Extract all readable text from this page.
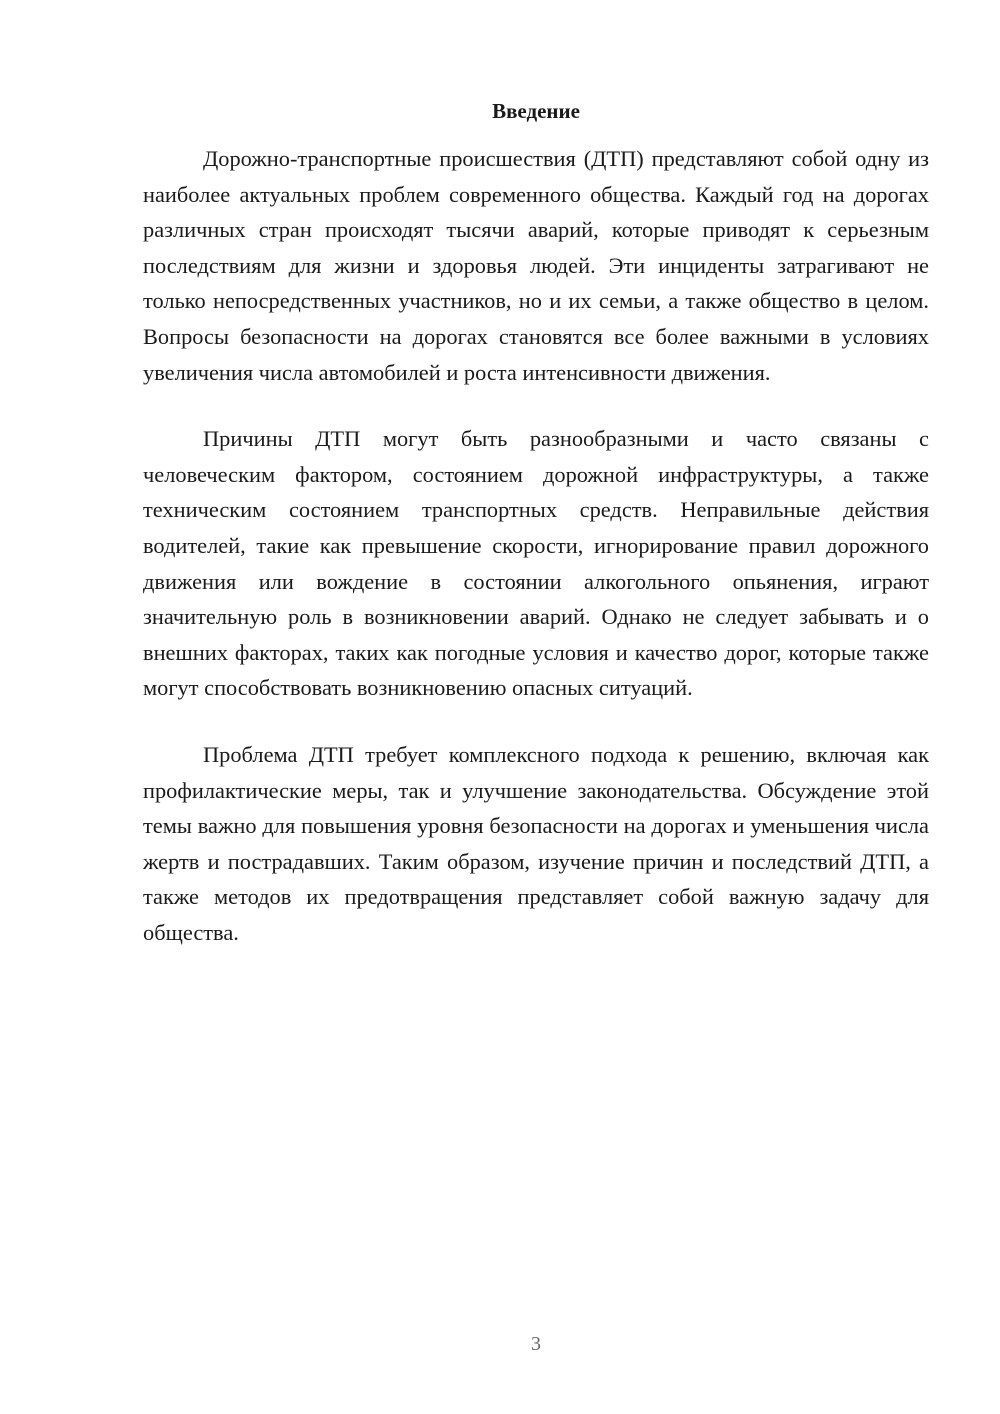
Введение

Дорожно-транспортные происшествия (ДТП) представляют собой одну из наиболее актуальных проблем современного общества. Каждый год на дорогах различных стран происходят тысячи аварий, которые приводят к серьезным последствиям для жизни и здоровья людей. Эти инциденты затрагивают не только непосредственных участников, но и их семьи, а также общество в целом. Вопросы безопасности на дорогах становятся все более важными в условиях увеличения числа автомобилей и роста интенсивности движения.

Причины ДТП могут быть разнообразными и часто связаны с человеческим фактором, состоянием дорожной инфраструктуры, а также техническим состоянием транспортных средств. Неправильные действия водителей, такие как превышение скорости, игнорирование правил дорожного движения или вождение в состоянии алкогольного опьянения, играют значительную роль в возникновении аварий. Однако не следует забывать и о внешних факторах, таких как погодные условия и качество дорог, которые также могут способствовать возникновению опасных ситуаций.

Проблема ДТП требует комплексного подхода к решению, включая как профилактические меры, так и улучшение законодательства. Обсуждение этой темы важно для повышения уровня безопасности на дорогах и уменьшения числа жертв и пострадавших. Таким образом, изучение причин и последствий ДТП, а также методов их предотвращения представляет собой важную задачу для общества.

3
